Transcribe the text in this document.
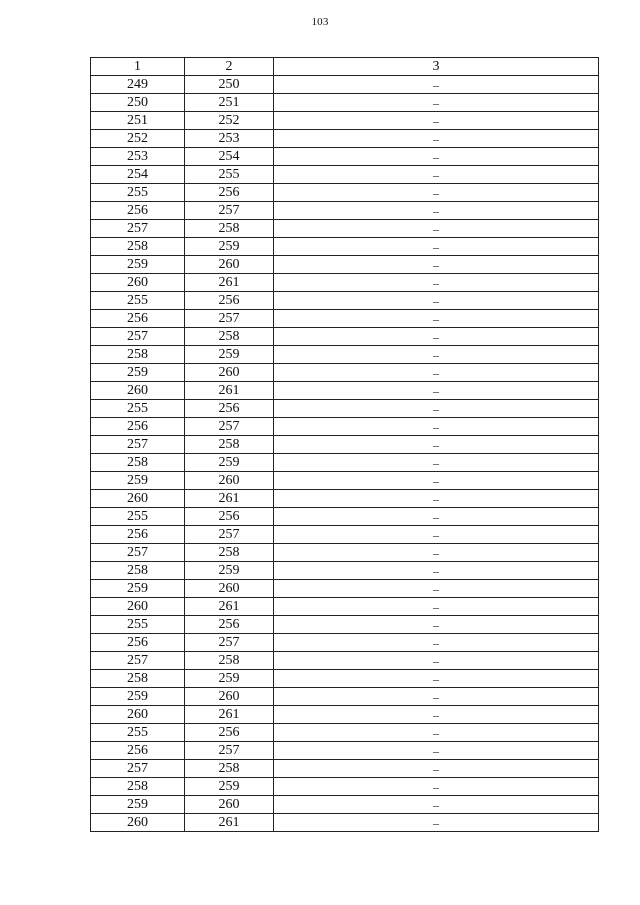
103
1	2	3
249	250	–
250	251	–
251	252	–
252	253	–
253	254	–
254	255	–
255	256	–
256	257	–
257	258	–
258	259	–
259	260	–
260	261	–
255	256	–
256	257	–
257	258	–
258	259	–
259	260	–
260	261	–
255	256	–
256	257	–
257	258	–
258	259	–
259	260	–
260	261	–
255	256	–
256	257	–
257	258	–
258	259	–
259	260	–
260	261	–
255	256	–
256	257	–
257	258	–
258	259	–
259	260	–
260	261	–
255	256	–
256	257	–
257	258	–
258	259	–
259	260	–
260	261	–
